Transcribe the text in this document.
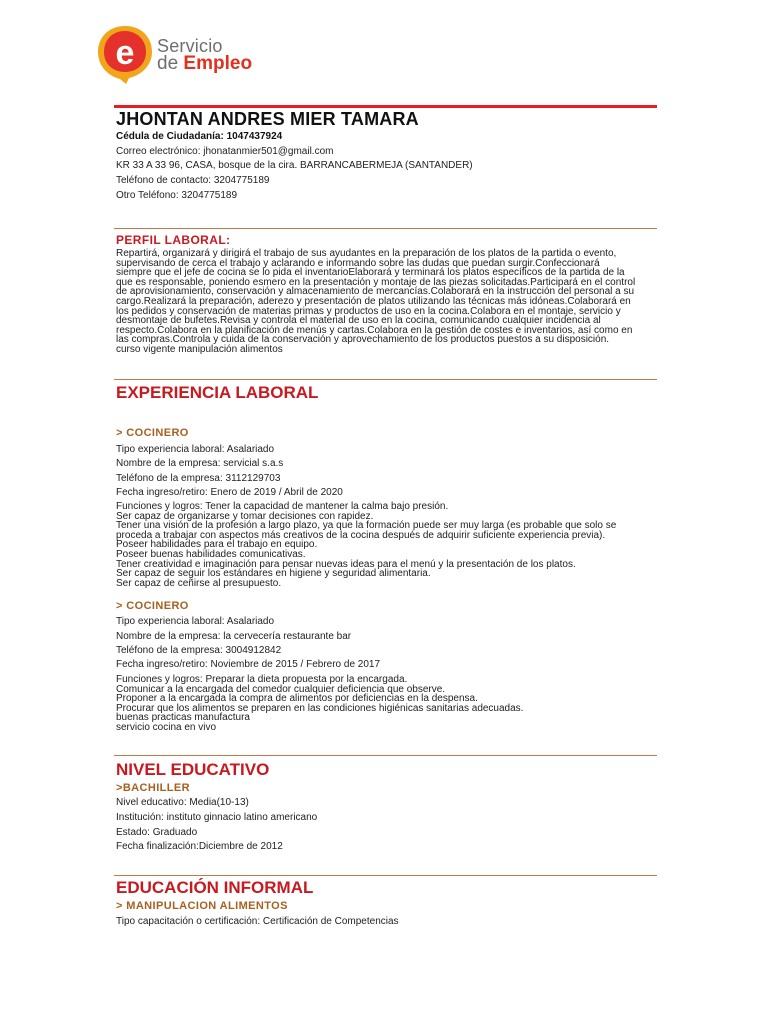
e Servicio
de Empleo
JHONTAN ANDRES MIER TAMARA
Cédula de Ciudadanía: 1047437924
Correo electrónico: jhonatanmier501@gmail.com
KR 33 A 33 96, CASA, bosque de la cira. BARRANCABERMEJA (SANTANDER)
Teléfono de contacto: 3204775189
Otro Teléfono: 3204775189
PERFIL LABORAL:
Repartirá, organizará y dirigirá el trabajo de sus ayudantes en la preparación de los platos de la partida o evento,
supervisando de cerca el trabajo y aclarando e informando sobre las dudas que puedan surgir.Confeccionará
siempre que el jefe de cocina se lo pida el inventarioElaborará y terminará los platos específicos de la partida de la
que es responsable, poniendo esmero en la presentación y montaje de las piezas solicitadas.Participará en el control
de aprovisionamiento, conservación y almacenamiento de mercancías.Colaborará en la instrucción del personal a su
cargo.Realizará la preparación, aderezo y presentación de platos utilizando las técnicas más idóneas.Colaborará en
los pedidos y conservación de materias primas y productos de uso en la cocina.Colabora en el montaje, servicio y
desmontaje de bufetes.Revisa y controla el material de uso en la cocina, comunicando cualquier incidencia al
respecto.Colabora en la planificación de menús y cartas.Colabora en la gestión de costes e inventarios, así como en
las compras.Controla y cuida de la conservación y aprovechamiento de los productos puestos a su disposición.
curso vigente manipulación alimentos
EXPERIENCIA LABORAL
> COCINERO
Tipo experiencia laboral: Asalariado
Nombre de la empresa: servicial s.a.s
Teléfono de la empresa: 3112129703
Fecha ingreso/retiro: Enero de 2019 / Abril de 2020
Funciones y logros: Tener la capacidad de mantener la calma bajo presión.
Ser capaz de organizarse y tomar decisiones con rapidez.
Tener una visión de la profesión a largo plazo, ya que la formación puede ser muy larga (es probable que solo se
proceda a trabajar con aspectos más creativos de la cocina después de adquirir suficiente experiencia previa).
Poseer habilidades para el trabajo en equipo.
Poseer buenas habilidades comunicativas.
Tener creatividad e imaginación para pensar nuevas ideas para el menú y la presentación de los platos.
Ser capaz de seguir los estándares en higiene y seguridad alimentaria.
Ser capaz de ceñirse al presupuesto.
> COCINERO
Tipo experiencia laboral: Asalariado
Nombre de la empresa: la cervecería restaurante bar
Teléfono de la empresa: 3004912842
Fecha ingreso/retiro: Noviembre de 2015 / Febrero de 2017
Funciones y logros: Preparar la dieta propuesta por la encargada.
Comunicar a la encargada del comedor cualquier deficiencia que observe.
Proponer a la encargada la compra de alimentos por deficiencias en la despensa.
Procurar que los alimentos se preparen en las condiciones higiénicas sanitarias adecuadas.
buenas practicas manufactura
servicio cocina en vivo
NIVEL EDUCATIVO
>BACHILLER
Nivel educativo: Media(10-13)
Institución: instituto ginnacio latino americano
Estado: Graduado
Fecha finalización:Diciembre de 2012
EDUCACIÓN INFORMAL
> MANIPULACION ALIMENTOS
Tipo capacitación o certificación: Certificación de Competencias
